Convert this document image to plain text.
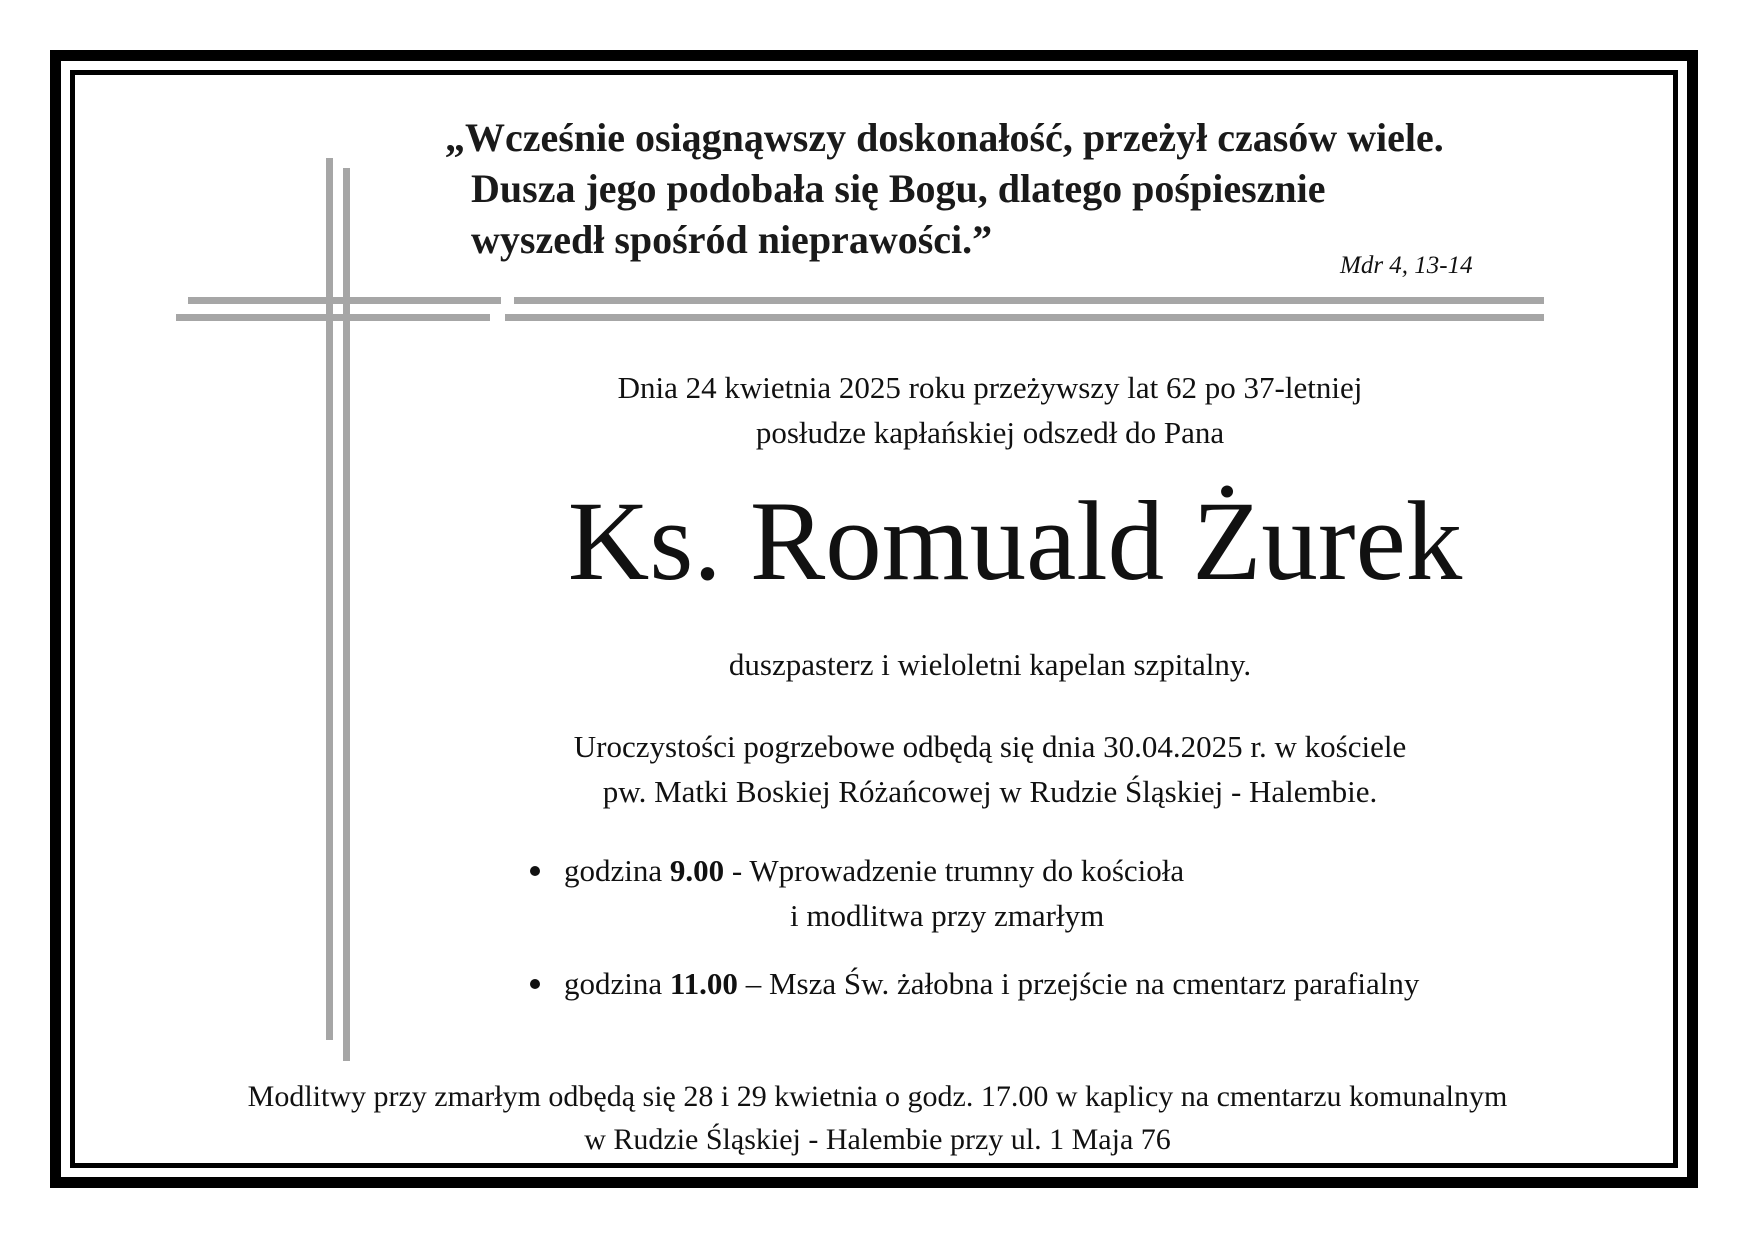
„Wcześnie osiągnąwszy doskonałość, przeżył czasów wiele.
Dusza jego podobała się Bogu, dlatego pośpiesznie
wyszedł spośród nieprawości.”
Mdr 4, 13-14
Dnia 24 kwietnia 2025 roku przeżywszy lat 62 po 37-letniej
posłudze kapłańskiej odszedł do Pana
Ks. Romuald Żurek
duszpasterz i wieloletni kapelan szpitalny.
Uroczystości pogrzebowe odbędą się dnia 30.04.2025 r. w kościele
pw. Matki Boskiej Różańcowej w Rudzie Śląskiej - Halembie.
godzina 9.00 - Wprowadzenie trumny do kościoła
i modlitwa przy zmarłym
godzina 11.00 – Msza Św. żałobna i przejście na cmentarz parafialny
Modlitwy przy zmarłym odbędą się 28 i 29 kwietnia o godz. 17.00 w kaplicy na cmentarzu komunalnym
w Rudzie Śląskiej - Halembie przy ul. 1 Maja 76
